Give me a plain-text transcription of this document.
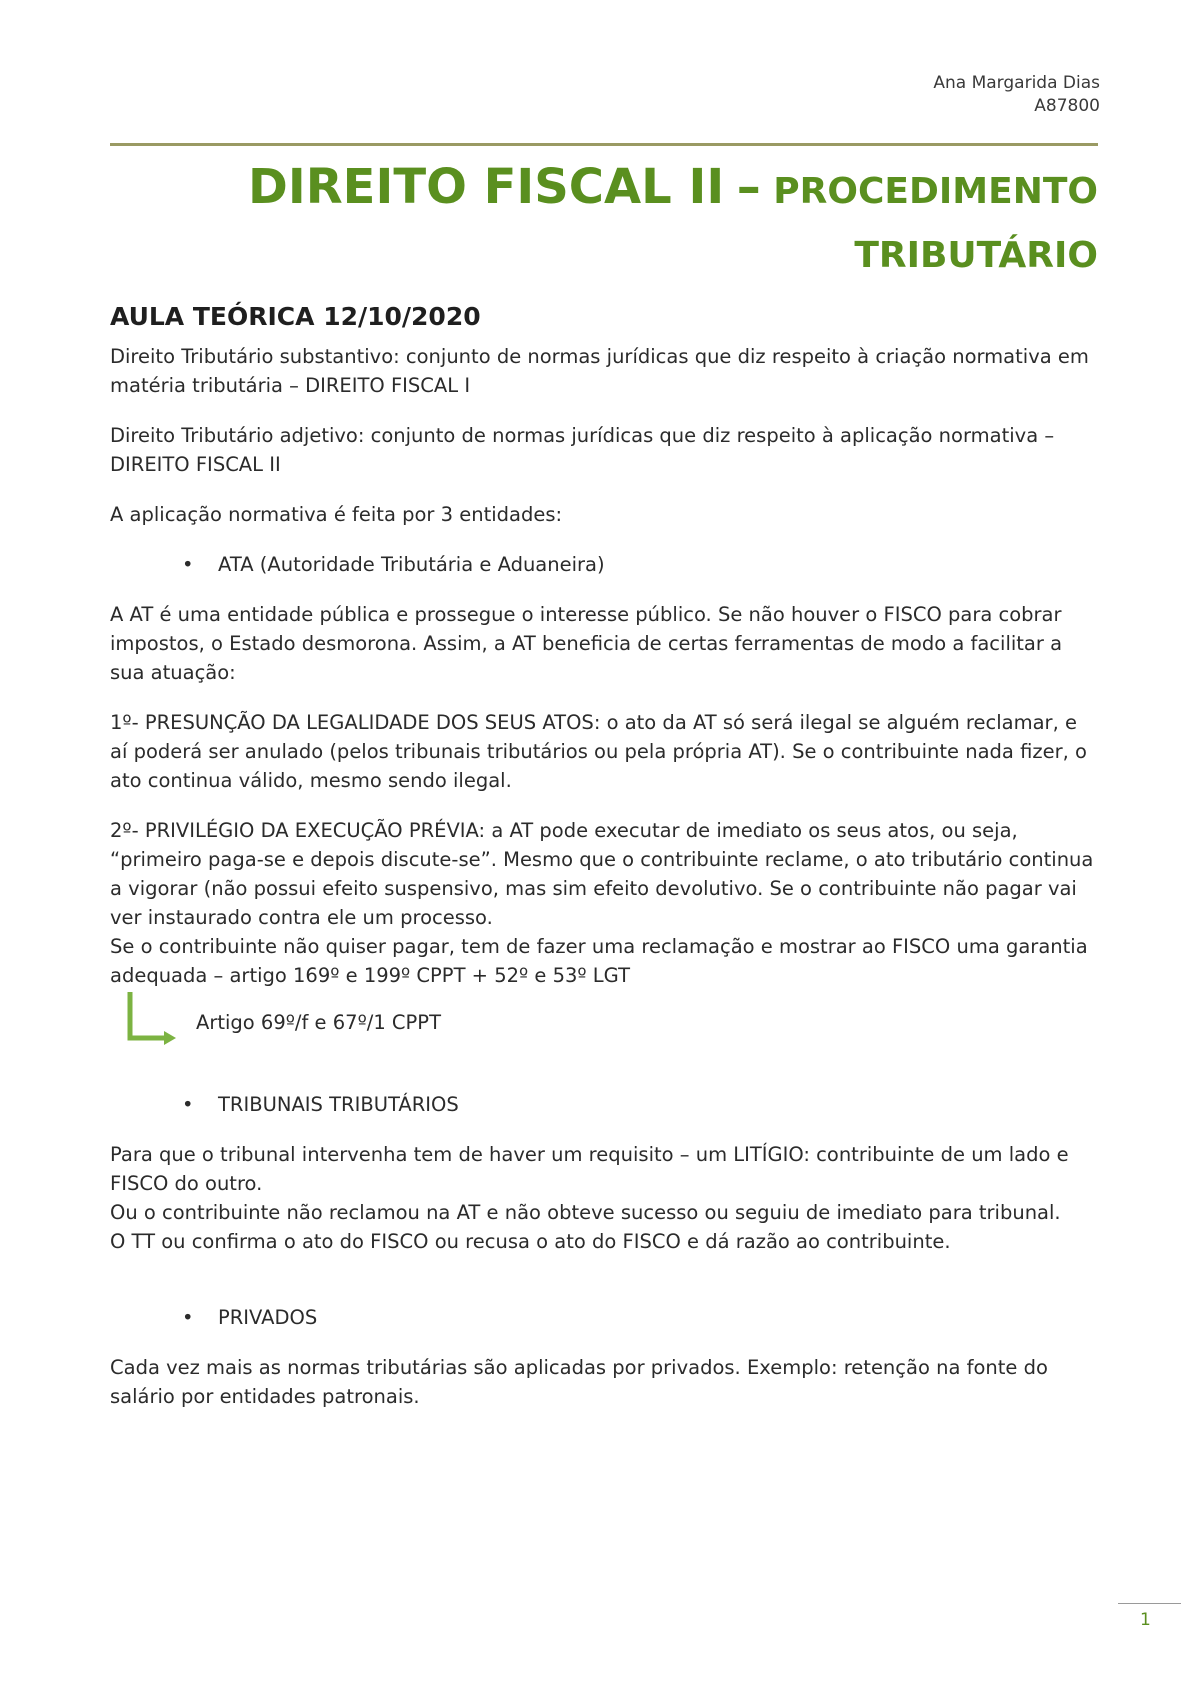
Ana Margarida Dias
A87800
DIREITO FISCAL II – PROCEDIMENTO
TRIBUTÁRIO
AULA TEÓRICA 12/10/2020

Direito Tributário substantivo: conjunto de normas jurídicas que diz respeito à criação normativa em matéria tributária – DIREITO FISCAL I

Direito Tributário adjetivo: conjunto de normas jurídicas que diz respeito à aplicação normativa – DIREITO FISCAL II

A aplicação normativa é feita por 3 entidades:

• ATA (Autoridade Tributária e Aduaneira)

A AT é uma entidade pública e prossegue o interesse público. Se não houver o FISCO para cobrar impostos, o Estado desmorona. Assim, a AT beneficia de certas ferramentas de modo a facilitar a sua atuação:

1º- PRESUNÇÃO DA LEGALIDADE DOS SEUS ATOS: o ato da AT só será ilegal se alguém reclamar, e aí poderá ser anulado (pelos tribunais tributários ou pela própria AT). Se o contribuinte nada fizer, o ato continua válido, mesmo sendo ilegal.

2º- PRIVILÉGIO DA EXECUÇÃO PRÉVIA: a AT pode executar de imediato os seus atos, ou seja, “primeiro paga-se e depois discute-se”. Mesmo que o contribuinte reclame, o ato tributário continua a vigorar (não possui efeito suspensivo, mas sim efeito devolutivo. Se o contribuinte não pagar vai ver instaurado contra ele um processo.

Se o contribuinte não quiser pagar, tem de fazer uma reclamação e mostrar ao FISCO uma garantia adequada – artigo 169º e 199º CPPT + 52º e 53º LGT

Artigo 69º/f e 67º/1 CPPT
• TRIBUNAIS TRIBUTÁRIOS

Para que o tribunal intervenha tem de haver um requisito – um LITÍGIO: contribuinte de um lado e FISCO do outro.

Ou o contribuinte não reclamou na AT e não obteve sucesso ou seguiu de imediato para tribunal.

O TT ou confirma o ato do FISCO ou recusa o ato do FISCO e dá razão ao contribuinte.

• PRIVADOS

Cada vez mais as normas tributárias são aplicadas por privados. Exemplo: retenção na fonte do salário por entidades patronais.

1
